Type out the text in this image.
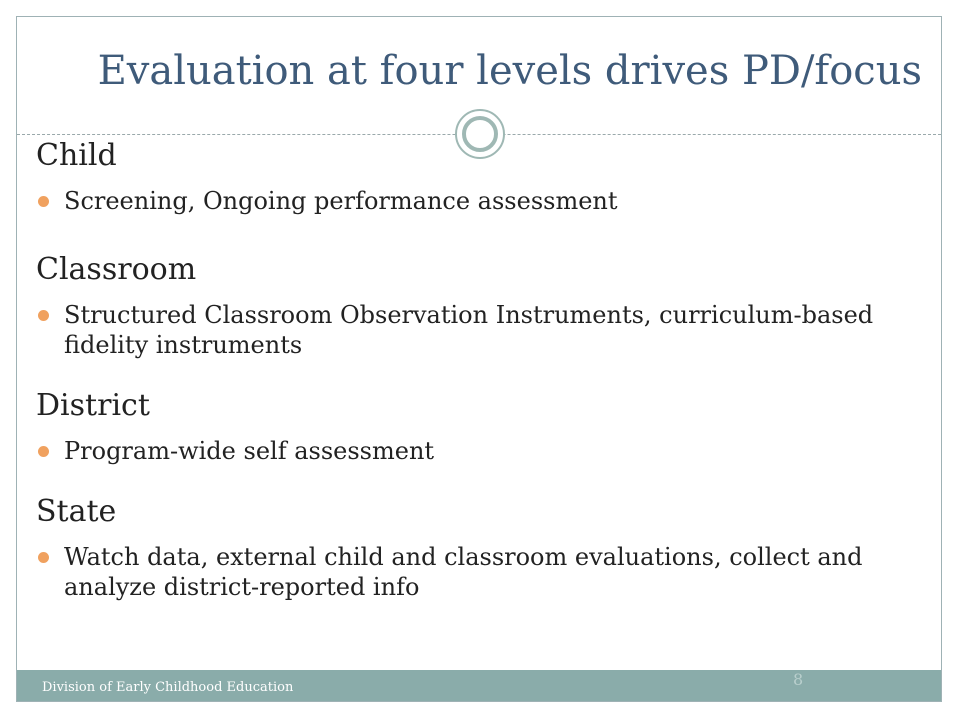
Evaluation at four levels drives PD/focus

Child

Screening, Ongoing performance assessment

Classroom

Structured Classroom Observation Instruments, curriculum-based fidelity instruments

District

Program-wide self assessment

State

Watch data, external child and classroom evaluations, collect and analyze district-reported info

Division of Early Childhood Education	8
